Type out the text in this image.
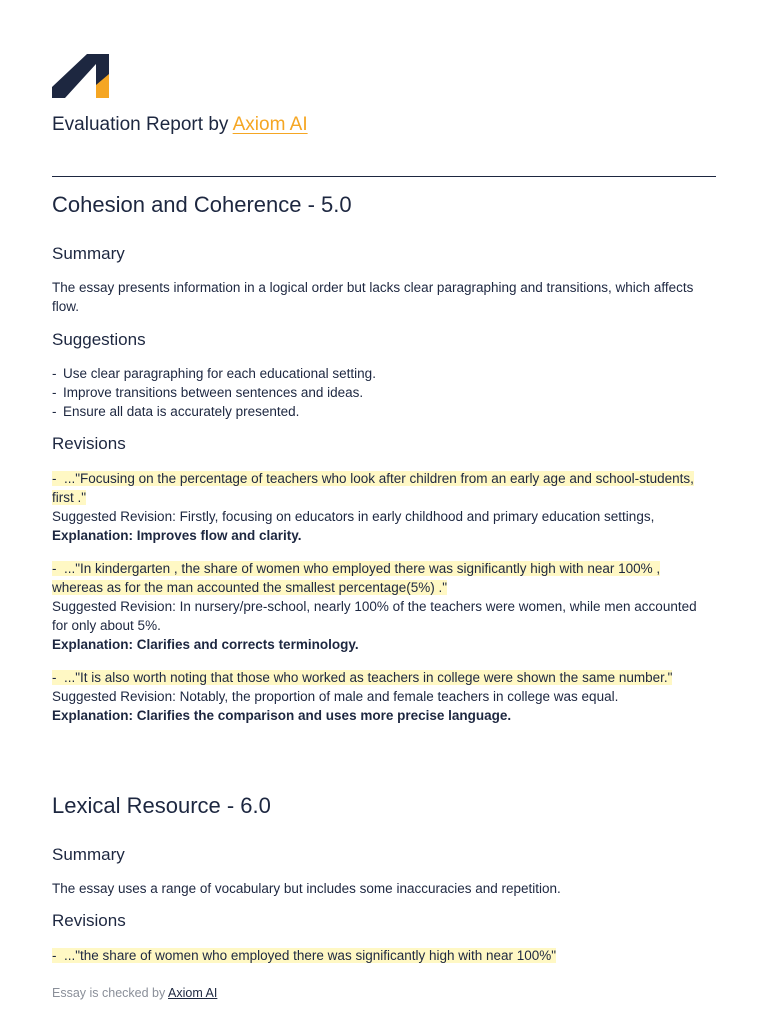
Evaluation Report by Axiom AI
Cohesion and Coherence - 5.0
Summary
The essay presents information in a logical order but lacks clear paragraphing and transitions, which affects flow.
Suggestions
- Use clear paragraphing for each educational setting.
- Improve transitions between sentences and ideas.
- Ensure all data is accurately presented.
Revisions
-  ..."Focusing on the percentage of teachers who look after children from an early age and school-students, first ."
Suggested Revision: Firstly, focusing on educators in early childhood and primary education settings,
Explanation: Improves flow and clarity.
-  ..."In kindergarten , the share of women who employed there was significantly high with near 100% , whereas as for the man accounted the smallest percentage(5%) ."
Suggested Revision: In nursery/pre-school, nearly 100% of the teachers were women, while men accounted for only about 5%.
Explanation: Clarifies and corrects terminology.
-  ..."It is also worth noting that those who worked as teachers in college were shown the same number."
Suggested Revision: Notably, the proportion of male and female teachers in college was equal.
Explanation: Clarifies the comparison and uses more precise language.
Lexical Resource - 6.0
Summary
The essay uses a range of vocabulary but includes some inaccuracies and repetition.
Revisions
-  ..."the share of women who employed there was significantly high with near 100%"
Essay is checked by Axiom AI
